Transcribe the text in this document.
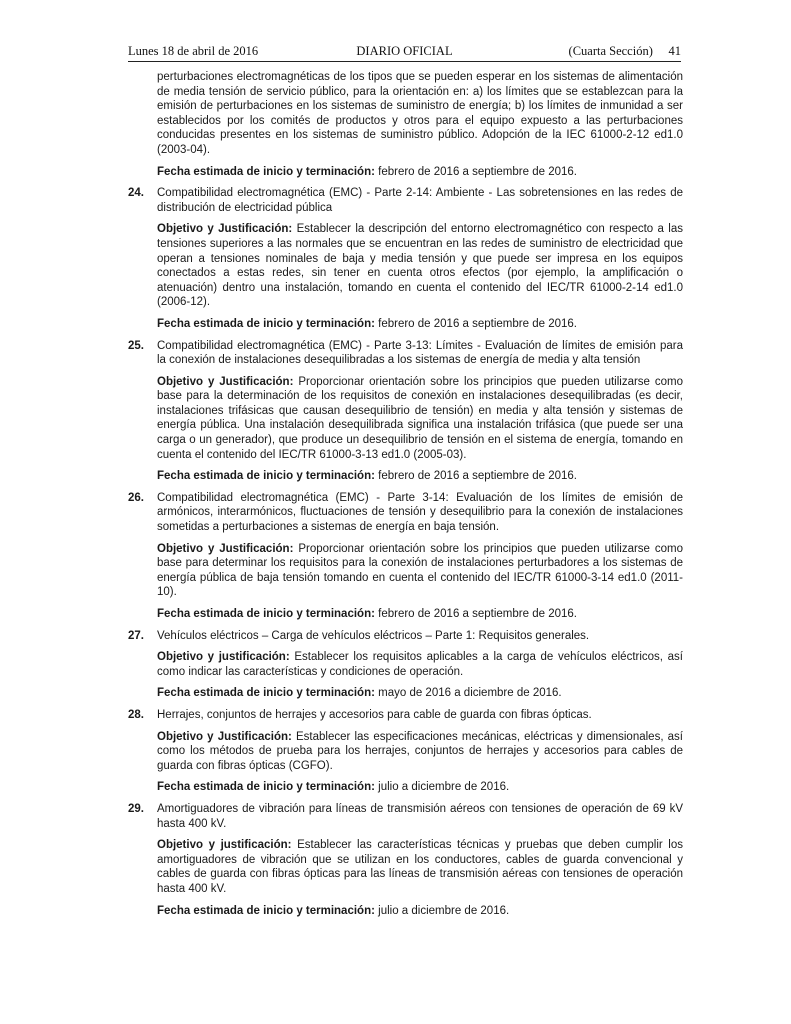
Lunes 18 de abril de 2016	DIARIO OFICIAL	(Cuarta Sección)     41

perturbaciones electromagnéticas de los tipos que se pueden esperar en los sistemas de alimentación de media tensión de servicio público, para la orientación en: a) los límites que se establezcan para la emisión de perturbaciones en los sistemas de suministro de energía; b) los límites de inmunidad a ser establecidos por los comités de productos y otros para el equipo expuesto a las perturbaciones conducidas presentes en los sistemas de suministro público. Adopción de la IEC 61000-2-12 ed1.0 (2003-04).

Fecha estimada de inicio y terminación: febrero de 2016 a septiembre de 2016.

24. Compatibilidad electromagnética (EMC) - Parte 2-14: Ambiente - Las sobretensiones en las redes de distribución de electricidad pública

Objetivo y Justificación: Establecer la descripción del entorno electromagnético con respecto a las tensiones superiores a las normales que se encuentran en las redes de suministro de electricidad que operan a tensiones nominales de baja y media tensión y que puede ser impresa en los equipos conectados a estas redes, sin tener en cuenta otros efectos (por ejemplo, la amplificación o atenuación) dentro una instalación, tomando en cuenta el contenido del IEC/TR 61000-2-14 ed1.0 (2006-12).

Fecha estimada de inicio y terminación: febrero de 2016 a septiembre de 2016.

25. Compatibilidad electromagnética (EMC) - Parte 3-13: Límites - Evaluación de límites de emisión para la conexión de instalaciones desequilibradas a los sistemas de energía de media y alta tensión

Objetivo y Justificación: Proporcionar orientación sobre los principios que pueden utilizarse como base para la determinación de los requisitos de conexión en instalaciones desequilibradas (es decir, instalaciones trifásicas que causan desequilibrio de tensión) en media y alta tensión y sistemas de energía pública. Una instalación desequilibrada significa una instalación trifásica (que puede ser una carga o un generador), que produce un desequilibrio de tensión en el sistema de energía, tomando en cuenta el contenido del IEC/TR 61000-3-13 ed1.0 (2005-03).

Fecha estimada de inicio y terminación: febrero de 2016 a septiembre de 2016.

26. Compatibilidad electromagnética (EMC) - Parte 3-14: Evaluación de los límites de emisión de armónicos, interarmónicos, fluctuaciones de tensión y desequilibrio para la conexión de instalaciones sometidas a perturbaciones a sistemas de energía en baja tensión.

Objetivo y Justificación: Proporcionar orientación sobre los principios que pueden utilizarse como base para determinar los requisitos para la conexión de instalaciones perturbadores a los sistemas de energía pública de baja tensión tomando en cuenta el contenido del IEC/TR 61000-3-14 ed1.0 (2011-10).

Fecha estimada de inicio y terminación: febrero de 2016 a septiembre de 2016.

27. Vehículos eléctricos – Carga de vehículos eléctricos – Parte 1: Requisitos generales.

Objetivo y justificación: Establecer los requisitos aplicables a la carga de vehículos eléctricos, así como indicar las características y condiciones de operación.

Fecha estimada de inicio y terminación: mayo de 2016 a diciembre de 2016.

28. Herrajes, conjuntos de herrajes y accesorios para cable de guarda con fibras ópticas.

Objetivo y Justificación: Establecer las especificaciones mecánicas, eléctricas y dimensionales, así como los métodos de prueba para los herrajes, conjuntos de herrajes y accesorios para cables de guarda con fibras ópticas (CGFO).

Fecha estimada de inicio y terminación: julio a diciembre de 2016.

29. Amortiguadores de vibración para líneas de transmisión aéreos con tensiones de operación de 69 kV hasta 400 kV.

Objetivo y justificación: Establecer las características técnicas y pruebas que deben cumplir los amortiguadores de vibración que se utilizan en los conductores, cables de guarda convencional y cables de guarda con fibras ópticas para las líneas de transmisión aéreas con tensiones de operación hasta 400 kV.

Fecha estimada de inicio y terminación: julio a diciembre de 2016.
